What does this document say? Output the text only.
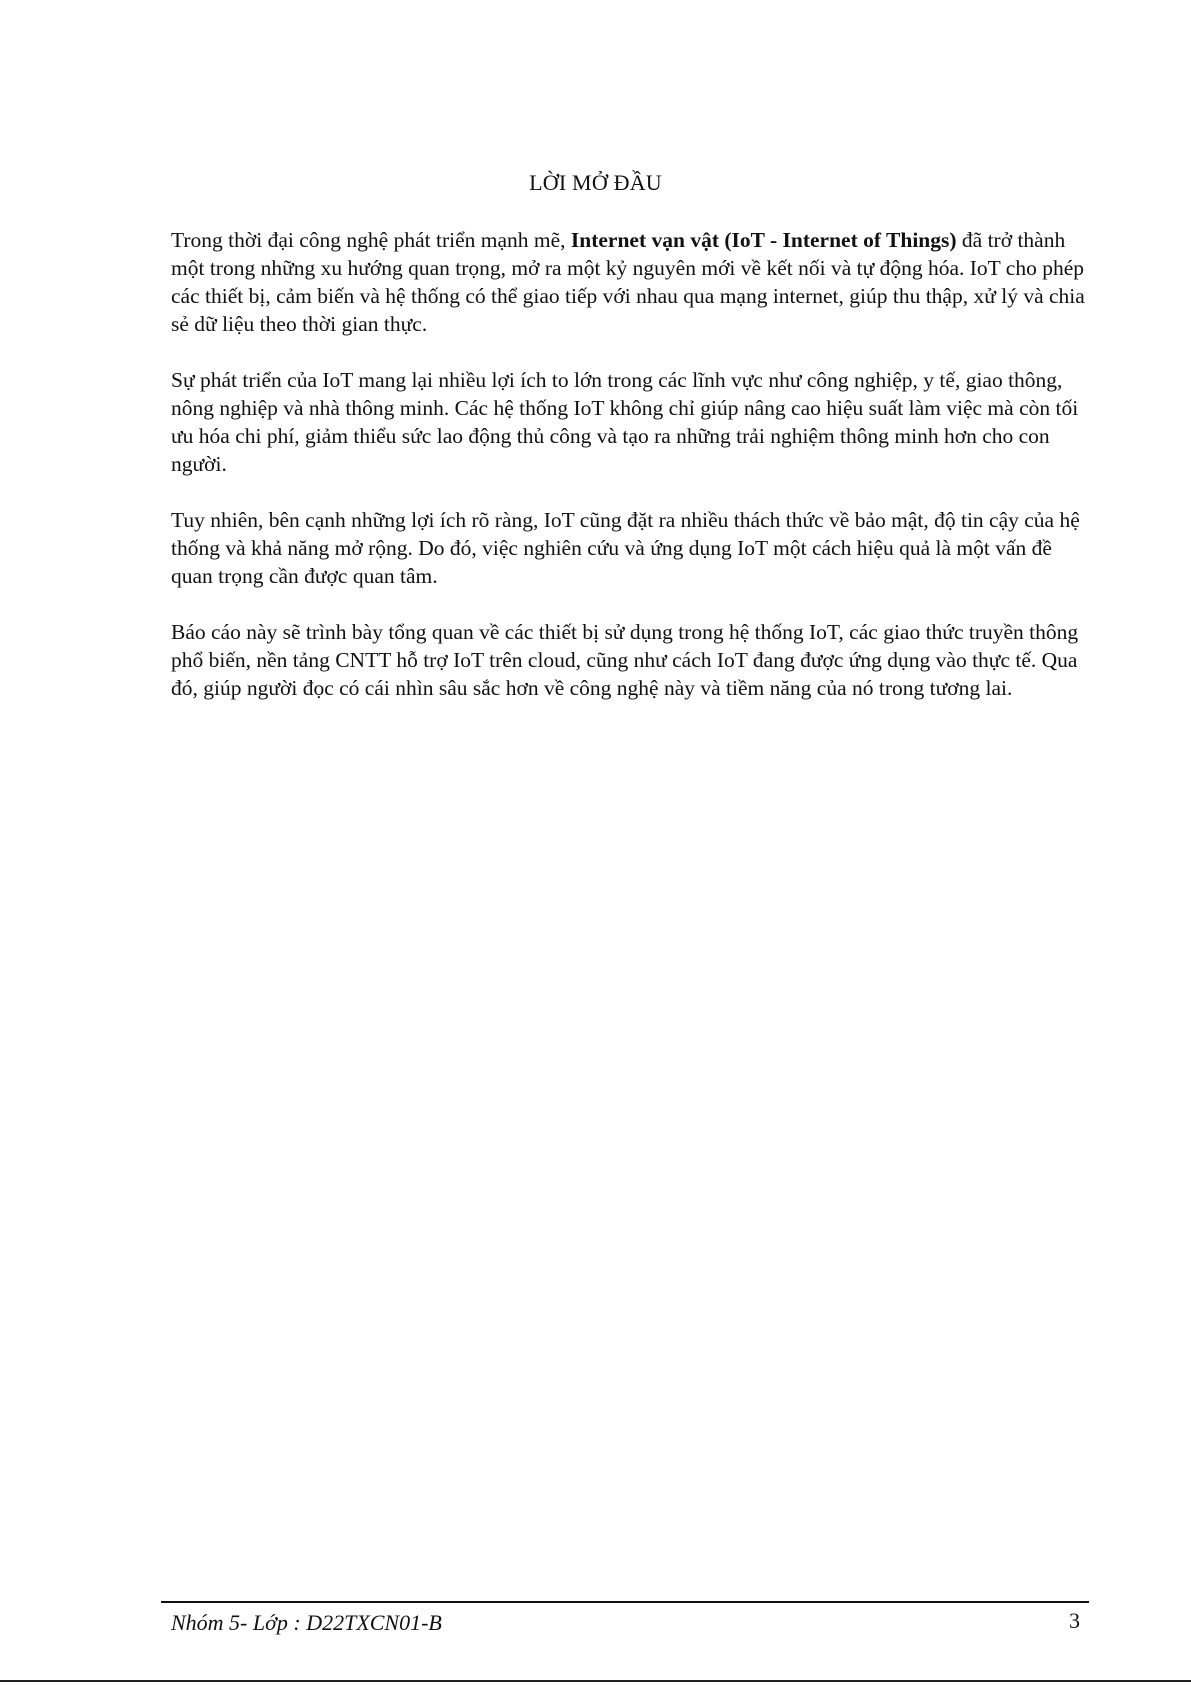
LỜI MỞ ĐẦU

Trong thời đại công nghệ phát triển mạnh mẽ, Internet vạn vật (IoT - Internet of Things) đã trở thành một trong những xu hướng quan trọng, mở ra một kỷ nguyên mới về kết nối và tự động hóa. IoT cho phép các thiết bị, cảm biến và hệ thống có thể giao tiếp với nhau qua mạng internet, giúp thu thập, xử lý và chia sẻ dữ liệu theo thời gian thực.

Sự phát triển của IoT mang lại nhiều lợi ích to lớn trong các lĩnh vực như công nghiệp, y tế, giao thông, nông nghiệp và nhà thông minh. Các hệ thống IoT không chỉ giúp nâng cao hiệu suất làm việc mà còn tối ưu hóa chi phí, giảm thiểu sức lao động thủ công và tạo ra những trải nghiệm thông minh hơn cho con người.

Tuy nhiên, bên cạnh những lợi ích rõ ràng, IoT cũng đặt ra nhiều thách thức về bảo mật, độ tin cậy của hệ thống và khả năng mở rộng. Do đó, việc nghiên cứu và ứng dụng IoT một cách hiệu quả là một vấn đề quan trọng cần được quan tâm.

Báo cáo này sẽ trình bày tổng quan về các thiết bị sử dụng trong hệ thống IoT, các giao thức truyền thông phổ biến, nền tảng CNTT hỗ trợ IoT trên cloud, cũng như cách IoT đang được ứng dụng vào thực tế. Qua đó, giúp người đọc có cái nhìn sâu sắc hơn về công nghệ này và tiềm năng của nó trong tương lai.

Nhóm 5- Lớp : D22TXCN01-B	3
